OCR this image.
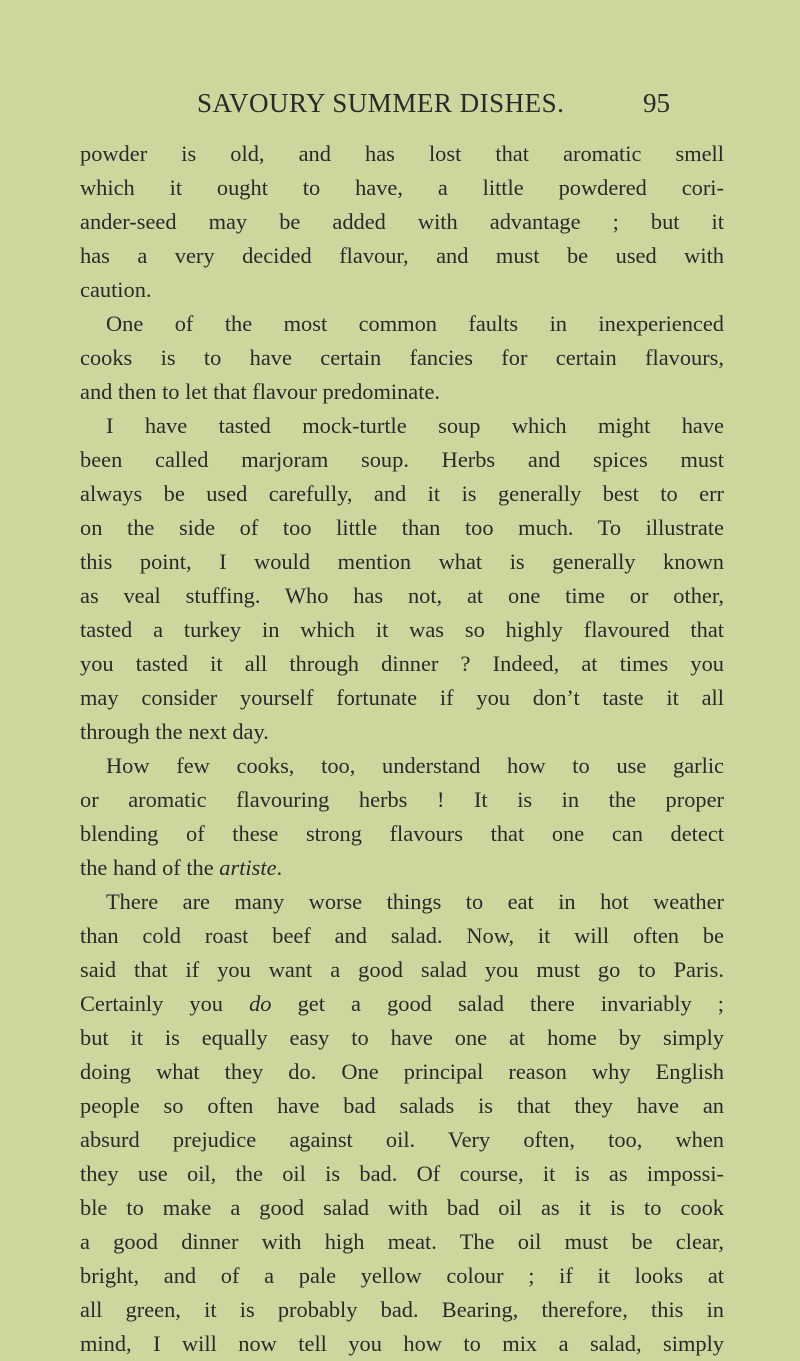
SAVOURY SUMMER DISHES.	95
powder is old, and has lost that aromatic smell
which it ought to have, a little powdered cori-
ander-seed may be added with advantage ; but it
has a very decided flavour, and must be used with
caution.
One of the most common faults in inexperienced
cooks is to have certain fancies for certain flavours,
and then to let that flavour predominate.
I have tasted mock-turtle soup which might have
been called marjoram soup. Herbs and spices must
always be used carefully, and it is generally best to err
on the side of too little than too much. To illustrate
this point, I would mention what is generally known
as veal stuffing. Who has not, at one time or other,
tasted a turkey in which it was so highly flavoured that
you tasted it all through dinner ? Indeed, at times you
may consider yourself fortunate if you don’t taste it all
through the next day.
How few cooks, too, understand how to use garlic
or aromatic flavouring herbs ! It is in the proper
blending of these strong flavours that one can detect
the hand of the artiste.
There are many worse things to eat in hot weather
than cold roast beef and salad. Now, it will often be
said that if you want a good salad you must go to Paris.
Certainly you do get a good salad there invariably ;
but it is equally easy to have one at home by simply
doing what they do. One principal reason why English
people so often have bad salads is that they have an
absurd prejudice against oil. Very often, too, when
they use oil, the oil is bad. Of course, it is as impossi-
ble to make a good salad with bad oil as it is to cook
a good dinner with high meat. The oil must be clear,
bright, and of a pale yellow colour ; if it looks at
all green, it is probably bad. Bearing, therefore, this in
mind, I will now tell you how to mix a salad, simply
